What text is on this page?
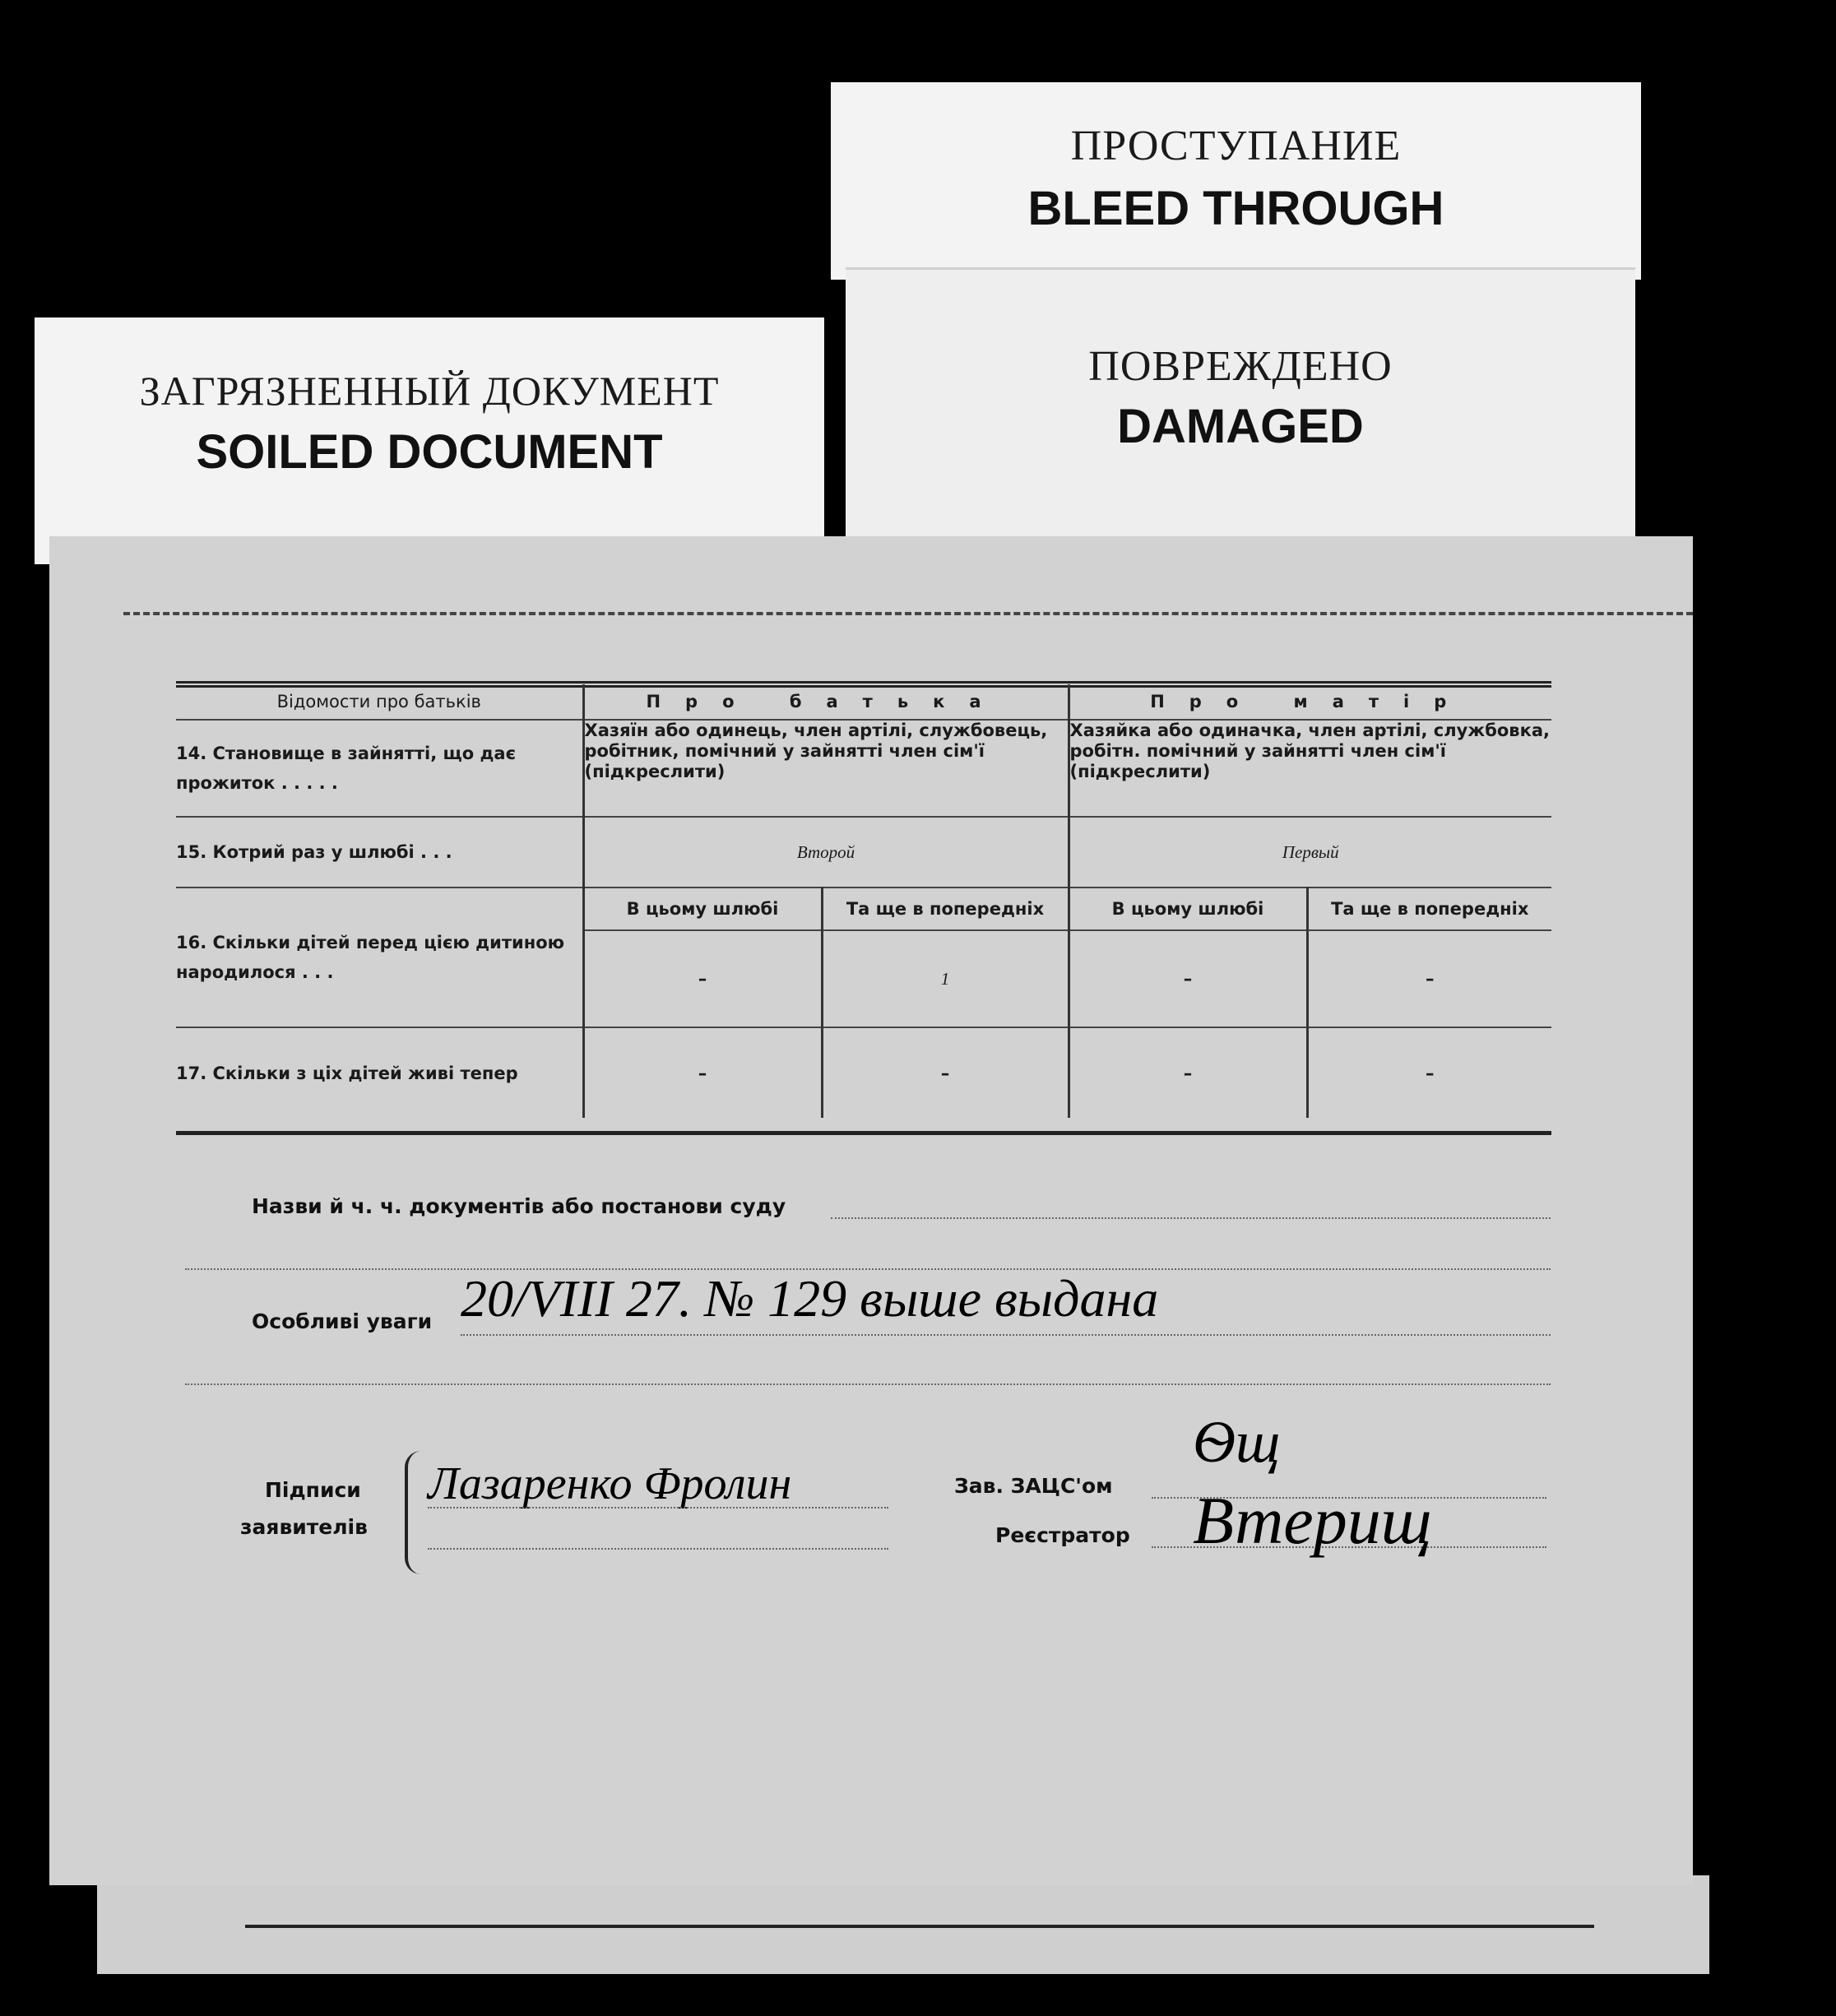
ПРОСТУПАНИЕ
BLEED THROUGH
ПОВРЕЖДЕНО
DAMAGED
ЗАГРЯЗНЕННЫЙ ДОКУМЕНТ
SOILED DOCUMENT
Відомости про батьків	Про батька		Про матір	
14. Становище в зайнятті, що дає прожиток . . . . .	Хазяїн або одинець, член артілі, службовець, робітник, помічний у зайнятті член сім'ї (підкреслити)		Хазяйка або одиначка, член артілі, службовка, робітн. помічний у зайнятті член сім'ї (підкреслити)	
15. Котрий раз у шлюбі . . .	Второй		Первый	
16. Скільки дітей перед цією дитиною народилося . . .	В цьому шлюбі	Та ще в попередніх	В цьому шлюбі	Та ще в попередніх
	–	1	–	–
17. Скільки з ціх дітей живі тепер	–	–	–	–
Назви й ч. ч. документів або постанови суду
Особливі уваги 20/VIII 27. № 129 выше выдана
Підписи
заявителів
Лазаренко Фролин	Зав. ЗАЦС'ом
Ѳщ
Реєстратор Втерищ
